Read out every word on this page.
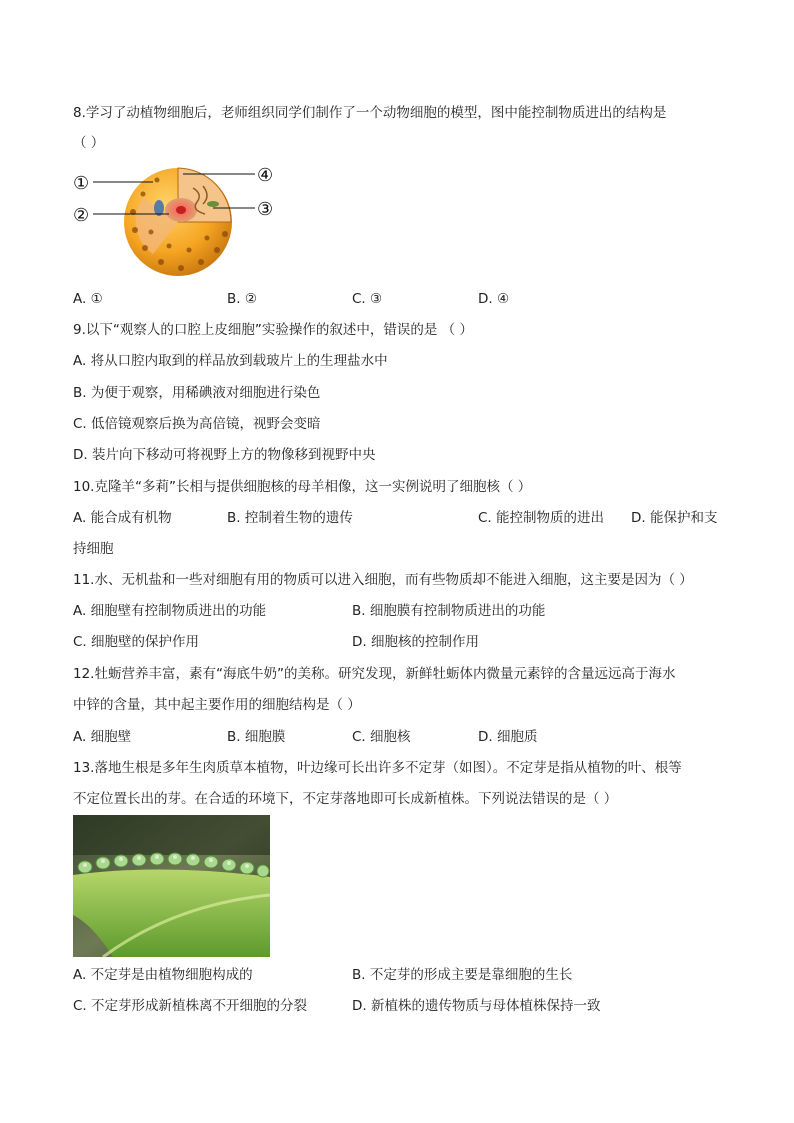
8.学习了动植物细胞后，老师组织同学们制作了一个动物细胞的模型，图中能控制物质进出的结构是
（ ）
①
②
④
③
A. ①	B. ②	C. ③	D. ④
9.以下“观察人的口腔上皮细胞”实验操作的叙述中，错误的是 （ ）
A. 将从口腔内取到的样品放到载玻片上的生理盐水中
B. 为便于观察，用稀碘液对细胞进行染色
C. 低倍镜观察后换为高倍镜，视野会变暗
D. 装片向下移动可将视野上方的物像移到视野中央
10.克隆羊“多莉”长相与提供细胞核的母羊相像，这一实例说明了细胞核（ ）
A. 能合成有机物	B. 控制着生物的遗传	C. 能控制物质的进出 D. 能保护和支
持细胞
11.水、无机盐和一些对细胞有用的物质可以进入细胞，而有些物质却不能进入细胞，这主要是因为（ ）
A. 细胞壁有控制物质进出的功能	B. 细胞膜有控制物质进出的功能
C. 细胞壁的保护作用	D. 细胞核的控制作用
12.牡蛎营养丰富，素有“海底牛奶”的美称。研究发现，新鲜牡蛎体内微量元素锌的含量远远高于海水
中锌的含量，其中起主要作用的细胞结构是（ ）
A. 细胞壁	B. 细胞膜	C. 细胞核	D. 细胞质
13.落地生根是多年生肉质草本植物，叶边缘可长出许多不定芽（如图）。不定芽是指从植物的叶、根等
不定位置长出的芽。在合适的环境下，不定芽落地即可长成新植株。下列说法错误的是（ ）
A. 不定芽是由植物细胞构成的	B. 不定芽的形成主要是靠细胞的生长
C. 不定芽形成新植株离不开细胞的分裂	D. 新植株的遗传物质与母体植株保持一致
